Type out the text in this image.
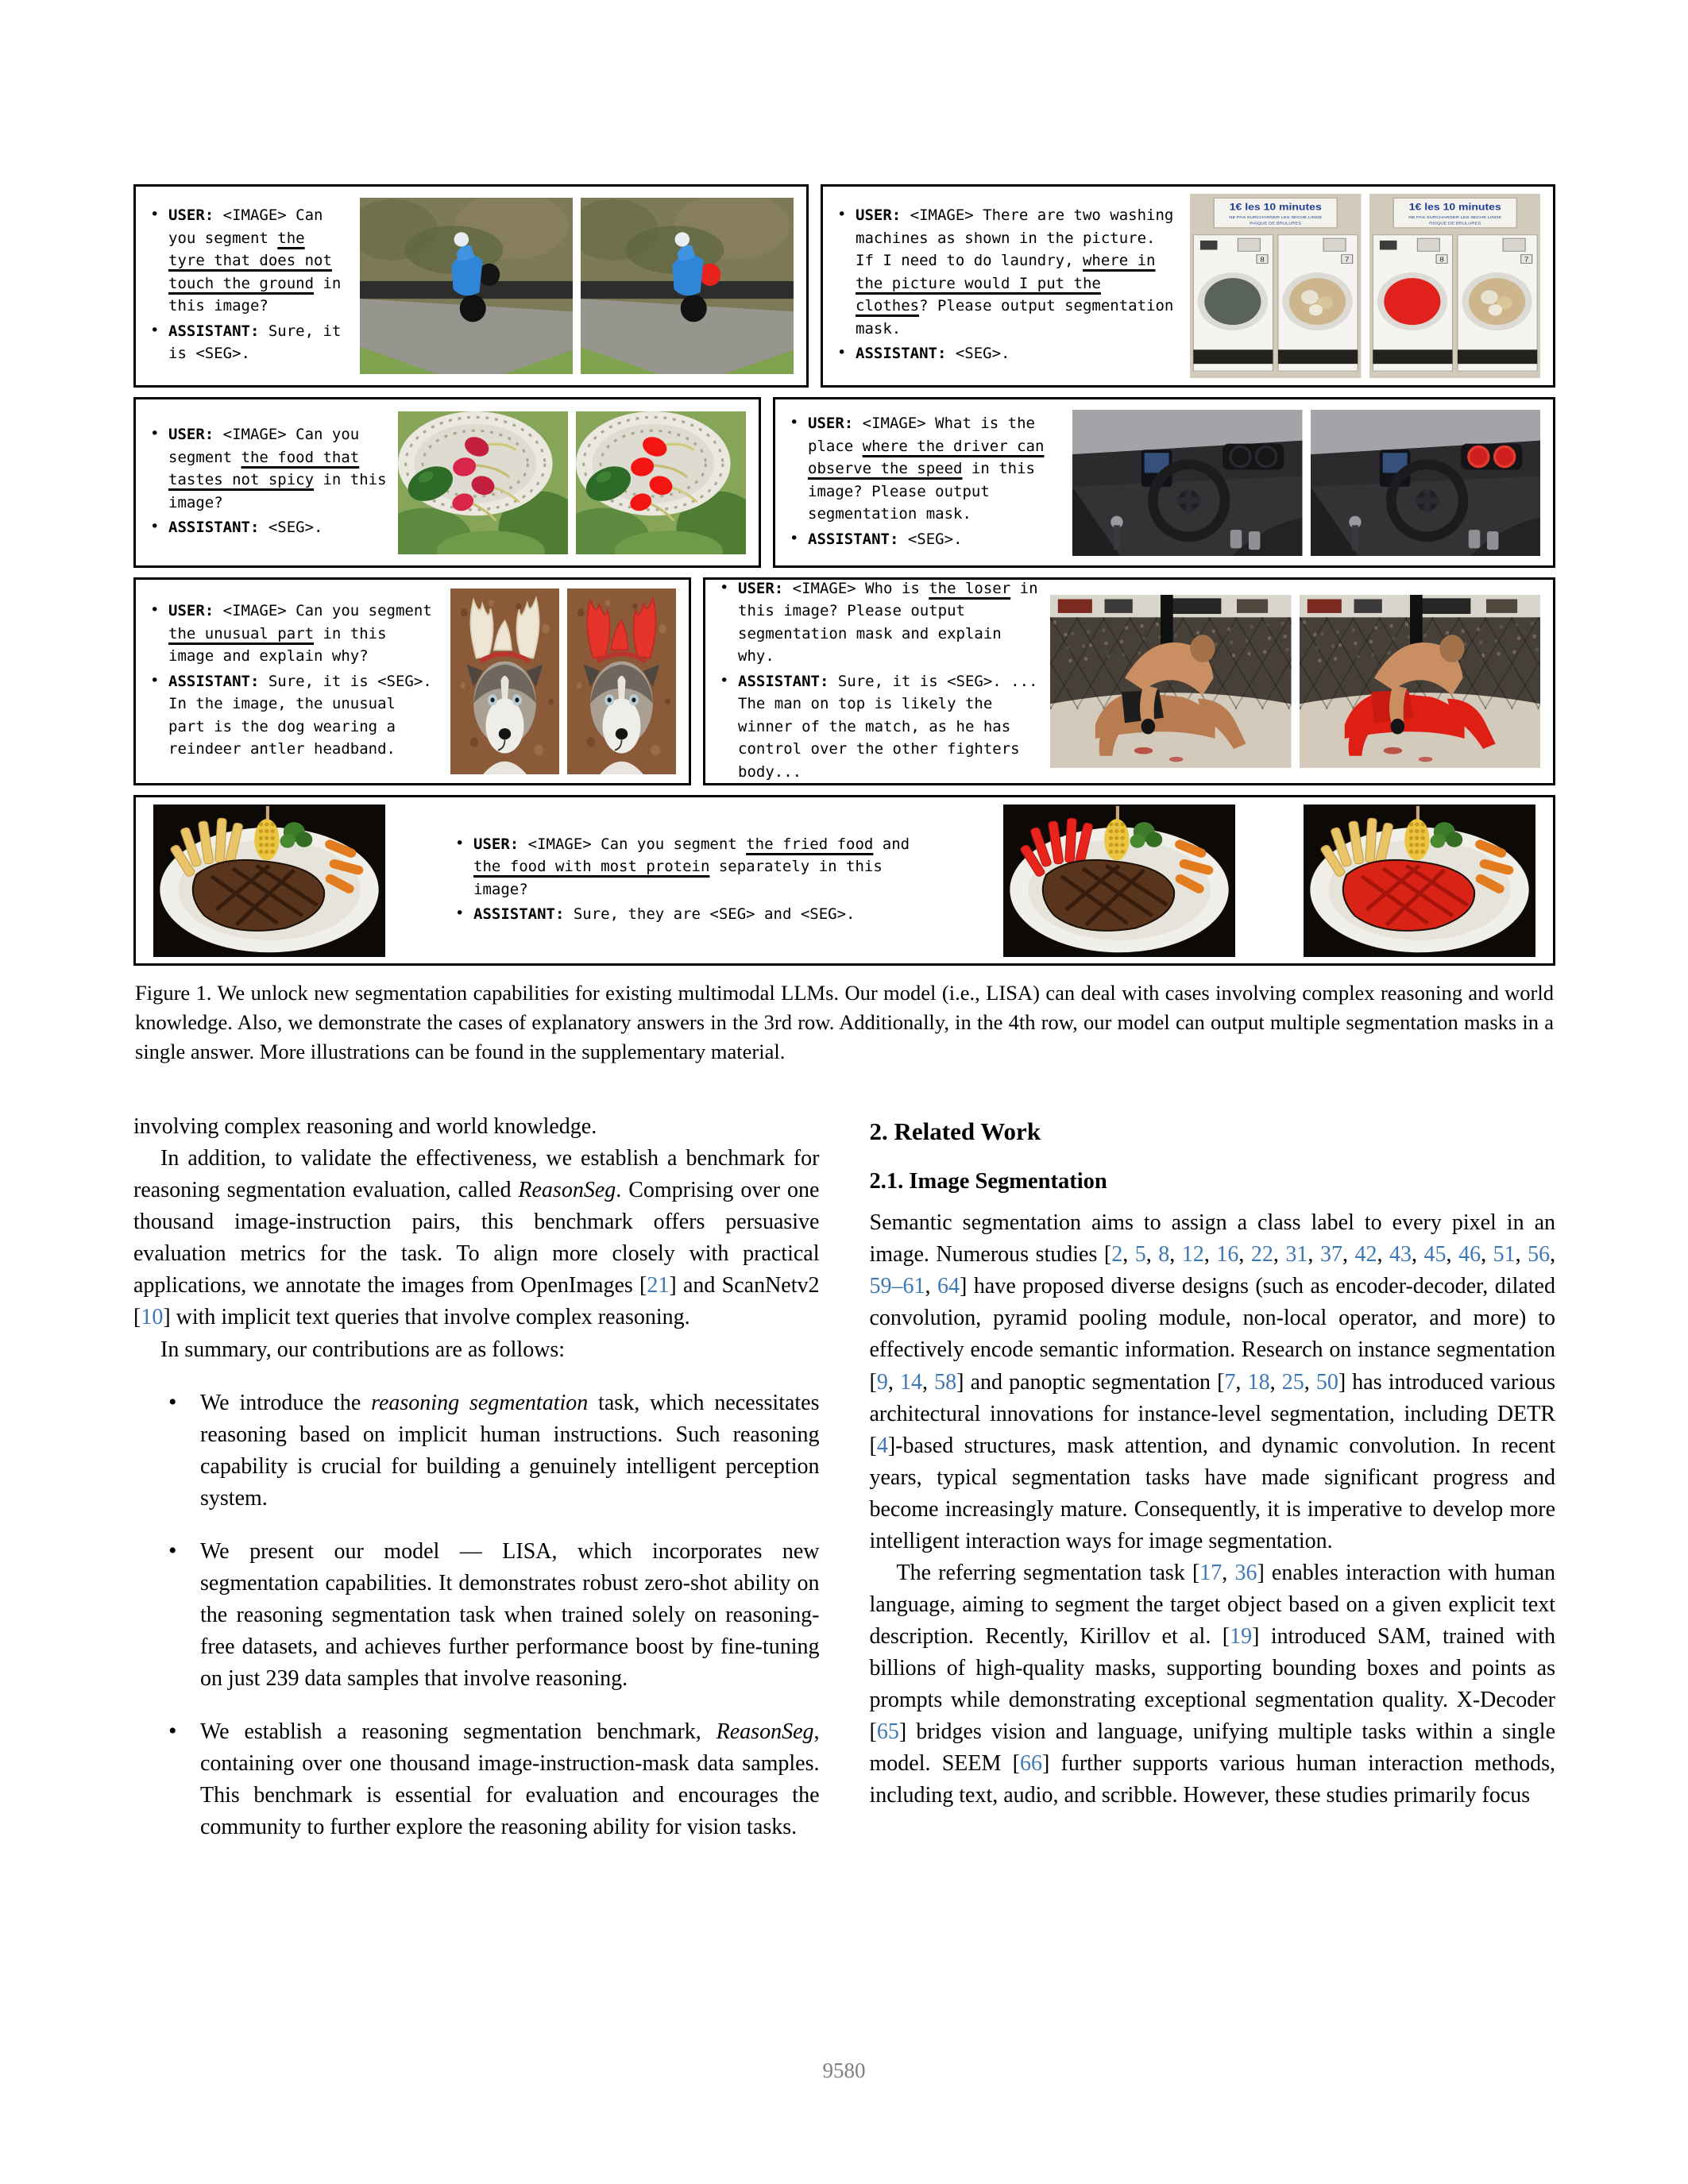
• USER: <IMAGE> Can you segment the tyre that does not touch the ground in this image?
• ASSISTANT: Sure, it is <SEG>.
• USER: <IMAGE> There are two washing machines as shown in the picture. If I need to do laundry, where in the picture would I put the clothes? Please output segmentation mask.
• ASSISTANT: <SEG>.
1€ les 10 minutes
NE PAS SURCHARGER LES SECHE LINGE
RISQUE DE BRULURES
8	7
1€ les 10 minutes
NE PAS SURCHARGER LES SECHE LINGE
RISQUE DE BRULURES
8	7
• USER: <IMAGE> Can you segment the food that tastes not spicy in this image?
• ASSISTANT: <SEG>.
• USER: <IMAGE> What is the place where the driver can observe the speed in this image? Please output segmentation mask.
• ASSISTANT: <SEG>.
• USER: <IMAGE> Can you segment the unusual part in this image and explain why?
• ASSISTANT: Sure, it is <SEG>. In the image, the unusual part is the dog wearing a reindeer antler headband.
• USER: <IMAGE> Who is the loser in this image? Please output segmentation mask and explain why.
• ASSISTANT: Sure, it is <SEG>. ... The man on top is likely the winner of the match, as he has control over the other fighters body...
• USER: <IMAGE> Can you segment the fried food and the food with most protein separately in this image?
• ASSISTANT: Sure, they are <SEG> and <SEG>.
Figure 1. We unlock new segmentation capabilities for existing multimodal LLMs. Our model (i.e., LISA) can deal with cases involving complex reasoning and world knowledge. Also, we demonstrate the cases of explanatory answers in the 3rd row. Additionally, in the 4th row, our model can output multiple segmentation masks in a single answer. More illustrations can be found in the supplementary material.
involving complex reasoning and world knowledge.
In addition, to validate the effectiveness, we establish a benchmark for reasoning segmentation evaluation, called ReasonSeg. Comprising over one thousand image-instruction pairs, this benchmark offers persuasive evaluation metrics for the task. To align more closely with practical applications, we annotate the images from OpenImages [21] and ScanNetv2 [10] with implicit text queries that involve complex reasoning.
In summary, our contributions are as follows:
• We introduce the reasoning segmentation task, which necessitates reasoning based on implicit human instructions. Such reasoning capability is crucial for building a genuinely intelligent perception system.
• We present our model — LISA, which incorporates new segmentation capabilities. It demonstrates robust zero-shot ability on the reasoning segmentation task when trained solely on reasoning-free datasets, and achieves further performance boost by fine-tuning on just 239 data samples that involve reasoning.
• We establish a reasoning segmentation benchmark, ReasonSeg, containing over one thousand image-instruction-mask data samples. This benchmark is essential for evaluation and encourages the community to further explore the reasoning ability for vision tasks.
2. Related Work
2.1. Image Segmentation
Semantic segmentation aims to assign a class label to every pixel in an image. Numerous studies [2, 5, 8, 12, 16, 22, 31, 37, 42, 43, 45, 46, 51, 56, 59–61, 64] have proposed diverse designs (such as encoder-decoder, dilated convolution, pyramid pooling module, non-local operator, and more) to effectively encode semantic information. Research on instance segmentation [9, 14, 58] and panoptic segmentation [7, 18, 25, 50] has introduced various architectural innovations for instance-level segmentation, including DETR [4]-based structures, mask attention, and dynamic convolution. In recent years, typical segmentation tasks have made significant progress and become increasingly mature. Consequently, it is imperative to develop more intelligent interaction ways for image segmentation.
The referring segmentation task [17, 36] enables interaction with human language, aiming to segment the target object based on a given explicit text description. Recently, Kirillov et al. [19] introduced SAM, trained with billions of high-quality masks, supporting bounding boxes and points as prompts while demonstrating exceptional segmentation quality. X-Decoder [65] bridges vision and language, unifying multiple tasks within a single model. SEEM [66] further supports various human interaction methods, including text, audio, and scribble. However, these studies primarily focus
9580
